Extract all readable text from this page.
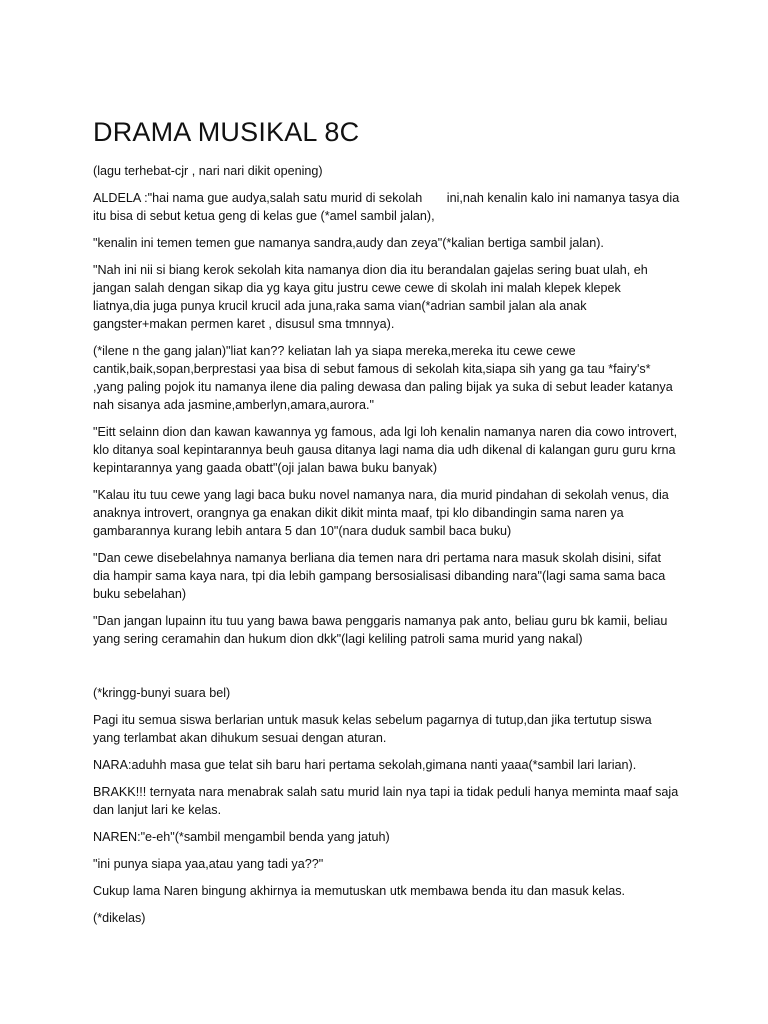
DRAMA MUSIKAL 8C

(lagu terhebat-cjr , nari nari dikit opening)

ALDELA :"hai nama gue audya,salah satu murid di sekolah       ini,nah kenalin kalo ini namanya tasya dia itu bisa di sebut ketua geng di kelas gue (*amel sambil jalan),

"kenalin ini temen temen gue namanya sandra,audy dan zeya"(*kalian bertiga sambil jalan).

"Nah ini nii si biang kerok sekolah kita namanya dion dia itu berandalan gajelas sering buat ulah, eh jangan salah dengan sikap dia yg kaya gitu justru cewe cewe di skolah ini malah klepek klepek liatnya,dia juga punya krucil krucil ada juna,raka sama vian(*adrian sambil jalan ala anak gangster+makan permen karet , disusul sma tmnnya).

(*ilene n the gang jalan)"liat kan?? keliatan lah ya siapa mereka,mereka itu cewe cewe cantik,baik,sopan,berprestasi yaa bisa di sebut famous di sekolah kita,siapa sih yang ga tau *fairy's* ,yang paling pojok itu namanya ilene dia paling dewasa dan paling bijak ya suka di sebut leader katanya nah sisanya ada jasmine,amberlyn,amara,aurora."

"Eitt selainn dion dan kawan kawannya yg famous, ada lgi loh kenalin namanya naren dia cowo introvert, klo ditanya soal kepintarannya beuh gausa ditanya lagi nama dia udh dikenal di kalangan guru guru krna kepintarannya yang gaada obatt"(oji jalan bawa buku banyak)

"Kalau itu tuu cewe yang lagi baca buku novel namanya nara, dia murid pindahan di sekolah venus, dia anaknya introvert, orangnya ga enakan dikit dikit minta maaf, tpi klo dibandingin sama naren ya gambarannya kurang lebih antara 5 dan 10"(nara duduk sambil baca buku)

"Dan cewe disebelahnya namanya berliana dia temen nara dri pertama nara masuk skolah disini, sifat dia hampir sama kaya nara, tpi dia lebih gampang bersosialisasi dibanding nara"(lagi sama sama baca buku sebelahan)

"Dan jangan lupainn itu tuu yang bawa bawa penggaris namanya pak anto, beliau guru bk kamii, beliau yang sering ceramahin dan hukum dion dkk"(lagi keliling patroli sama murid yang nakal)

(*kringg-bunyi suara bel)

Pagi itu semua siswa berlarian untuk masuk kelas sebelum pagarnya di tutup,dan jika tertutup siswa yang terlambat akan dihukum sesuai dengan aturan.

NARA:aduhh masa gue telat sih baru hari pertama sekolah,gimana nanti yaaa(*sambil lari larian).

BRAKK!!! ternyata nara menabrak salah satu murid lain nya tapi ia tidak peduli hanya meminta maaf saja dan lanjut lari ke kelas.

NAREN:"e-eh"(*sambil mengambil benda yang jatuh)

"ini punya siapa yaa,atau yang tadi ya??"

Cukup lama Naren bingung akhirnya ia memutuskan utk membawa benda itu dan masuk kelas.

(*dikelas)
